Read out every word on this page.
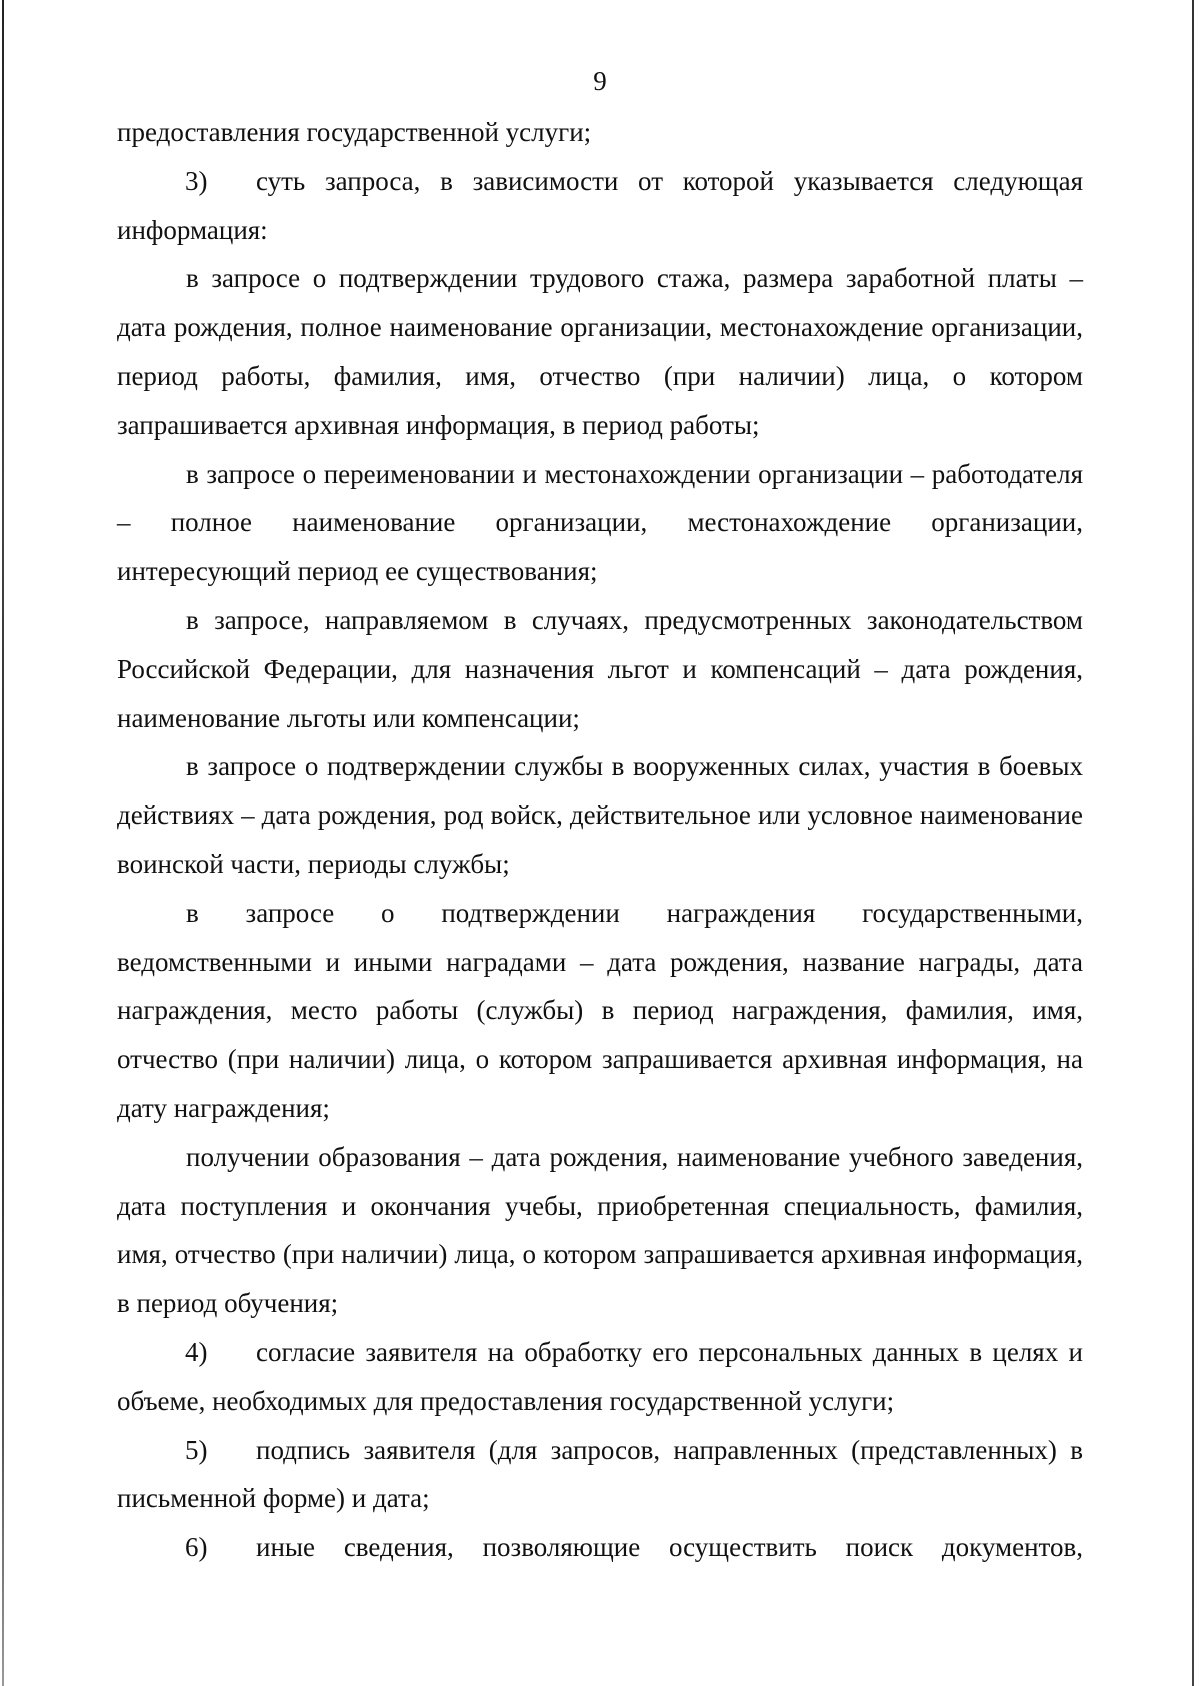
9

предоставления государственной услуги;

3) суть запроса, в зависимости от которой указывается следующая информация:

в запросе о подтверждении трудового стажа, размера заработной платы – дата рождения, полное наименование организации, местонахождение организации, период работы, фамилия, имя, отчество (при наличии) лица, о котором запрашивается архивная информация, в период работы;

в запросе о переименовании и местонахождении организации – работодателя – полное наименование организации, местонахождение организации, интересующий период ее существования;

в запросе, направляемом в случаях, предусмотренных законодательством Российской Федерации, для назначения льгот и компенсаций – дата рождения, наименование льготы или компенсации;

в запросе о подтверждении службы в вооруженных силах, участия в боевых действиях – дата рождения, род войск, действительное или условное наименование воинской части, периоды службы;

в запросе о подтверждении награждения государственными, ведомственными и иными наградами – дата рождения, название награды, дата награждения, место работы (службы) в период награждения, фамилия, имя, отчество (при наличии) лица, о котором запрашивается архивная информация, на дату награждения;

получении образования – дата рождения, наименование учебного заведения, дата поступления и окончания учебы, приобретенная специальность, фамилия, имя, отчество (при наличии) лица, о котором запрашивается архивная информация, в период обучения;

4) согласие заявителя на обработку его персональных данных в целях и объеме, необходимых для предоставления государственной услуги;

5) подпись заявителя (для запросов, направленных (представленных) в письменной форме) и дата;

6) иные сведения, позволяющие осуществить поиск документов,
